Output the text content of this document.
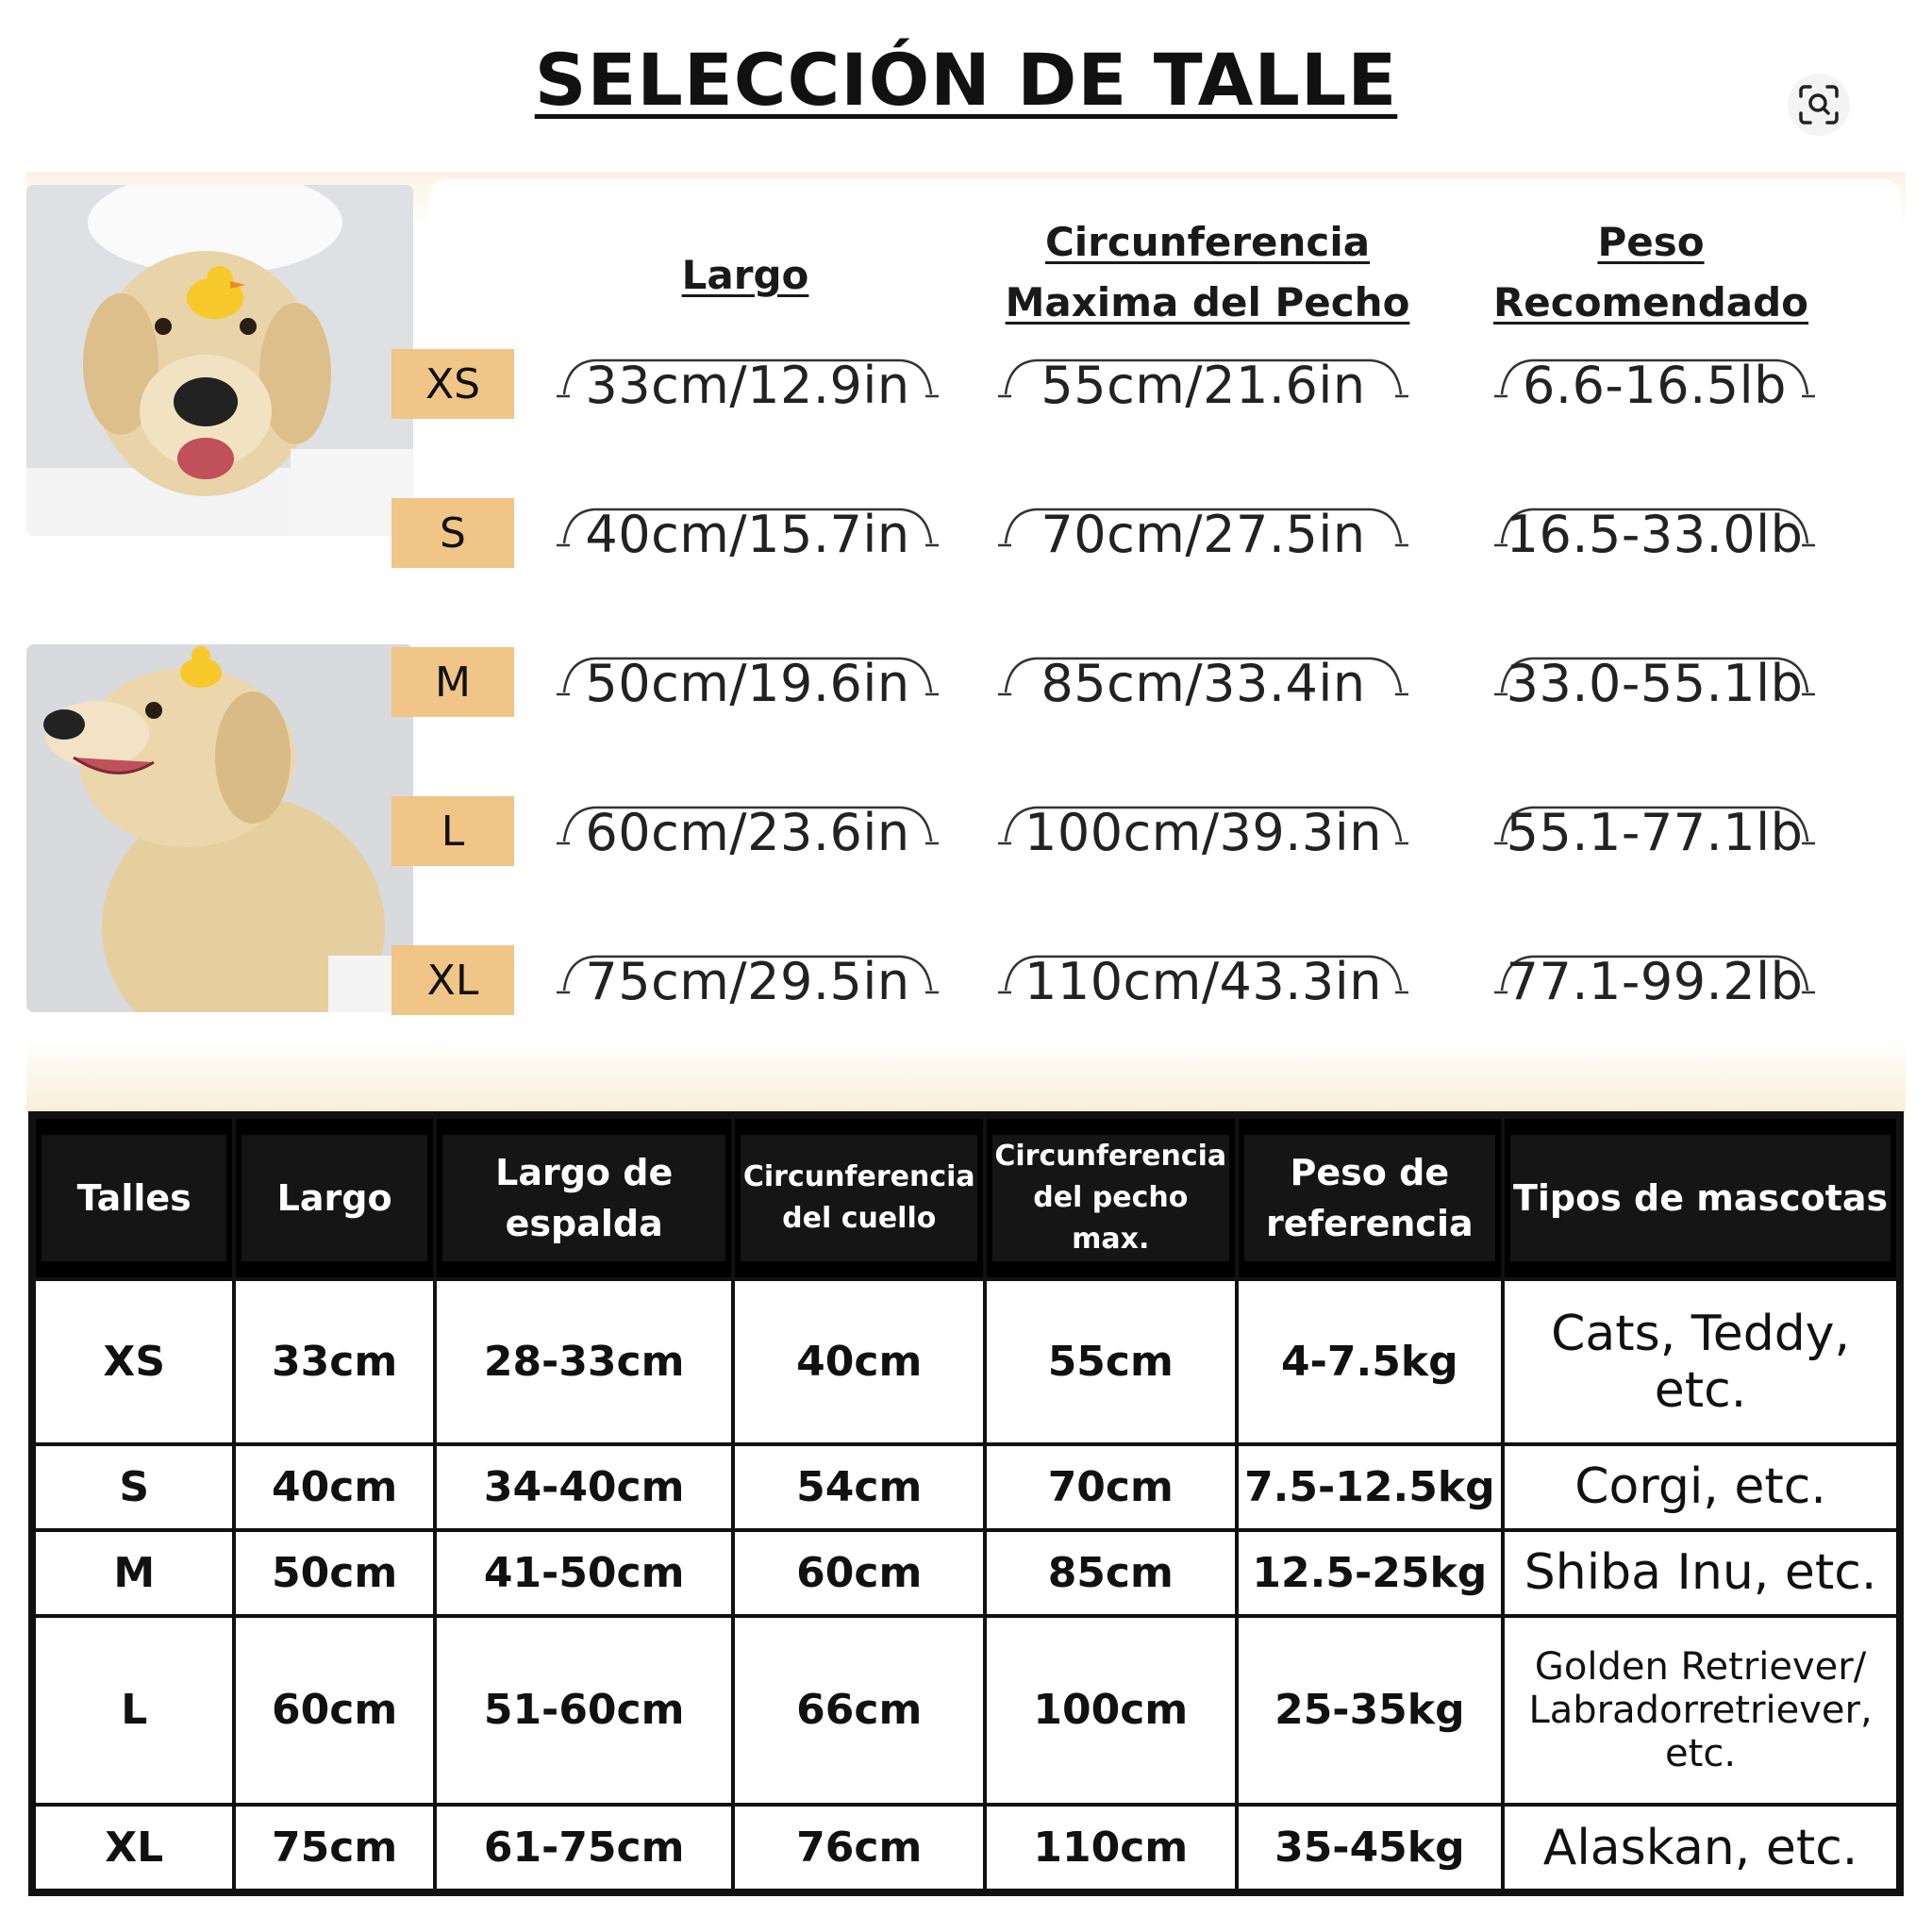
SELECCIÓN DE TALLE
Largo
Circunferencia
Maxima del Pecho
Peso
Recomendado
XS	33cm/12.9in	55cm/21.6in	6.6-16.5lb
S	40cm/15.7in	70cm/27.5in	16.5-33.0lb
M	50cm/19.6in	85cm/33.4in	33.0-55.1lb
L	60cm/23.6in 100cm/39.3in 55.1-77.1lb
XL	75cm/29.5in 110cm/43.3in 77.1-99.2lb
Talles	Largo	Largo de espalda	Circunferencia del cuello	Circunferencia del pecho max.	Peso de referencia	Tipos de mascotas

XS	33cm	28-33cm	40cm	55cm	4-7.5kg	Cats, Teddy, etc.
S	40cm	34-40cm	54cm	70cm	7.5-12.5kg	Corgi, etc.
M	50cm	41-50cm	60cm	85cm	12.5-25kg	Shiba Inu, etc.
L	60cm	51-60cm	66cm	100cm	25-35kg	Golden Retriever/ Labradorretriever, etc.
XL	75cm	61-75cm	76cm	110cm	35-45kg	Alaskan, etc.
